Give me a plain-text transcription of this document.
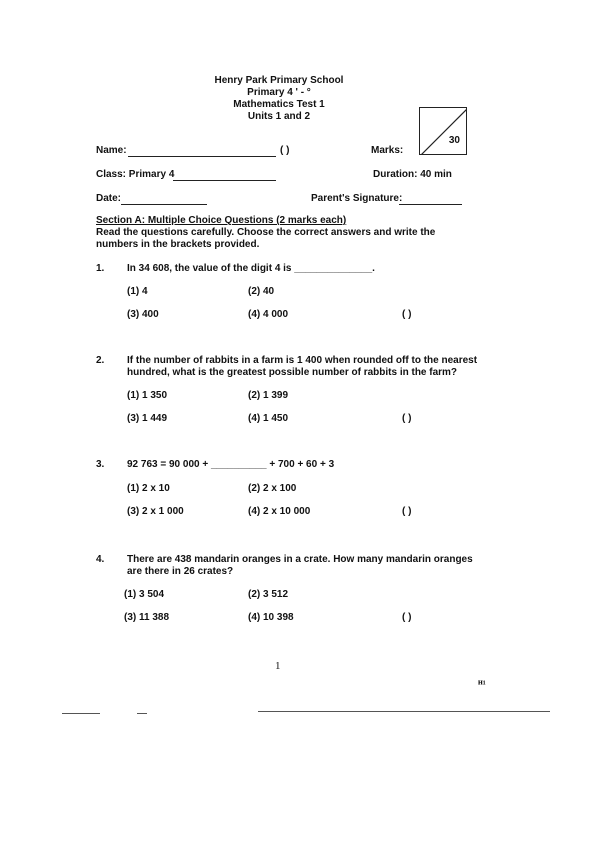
Henry Park Primary School
Primary 4 ' - °
Mathematics Test 1
Units 1 and 2
30
Name:	( )	Marks:
Class: Primary 4	Duration: 40 min
Date:	Parent's Signature:
Section A: Multiple Choice Questions (2 marks each)
Read the questions carefully. Choose the correct answers and write the
numbers in the brackets provided.
1. In 34 608, the value of the digit 4 is ______________.
(1) 4	(2) 40
(3) 400	(4) 4 000	( )
2. If the number of rabbits in a farm is 1 400 when rounded off to the nearest
hundred, what is the greatest possible number of rabbits in the farm?
(1) 1 350	(2) 1 399
(3) 1 449	(4) 1 450	( )
3. 92 763 = 90 000 + __________ + 700 + 60 + 3
(1) 2 x 10	(2) 2 x 100
(3) 2 x 1 000	(4) 2 x 10 000	( )
4. There are 438 mandarin oranges in a crate. How many mandarin oranges
are there in 26 crates?
(1) 3 504	(2) 3 512
(3) 11 388	(4) 10 398	( )
1
ᴴ¹
